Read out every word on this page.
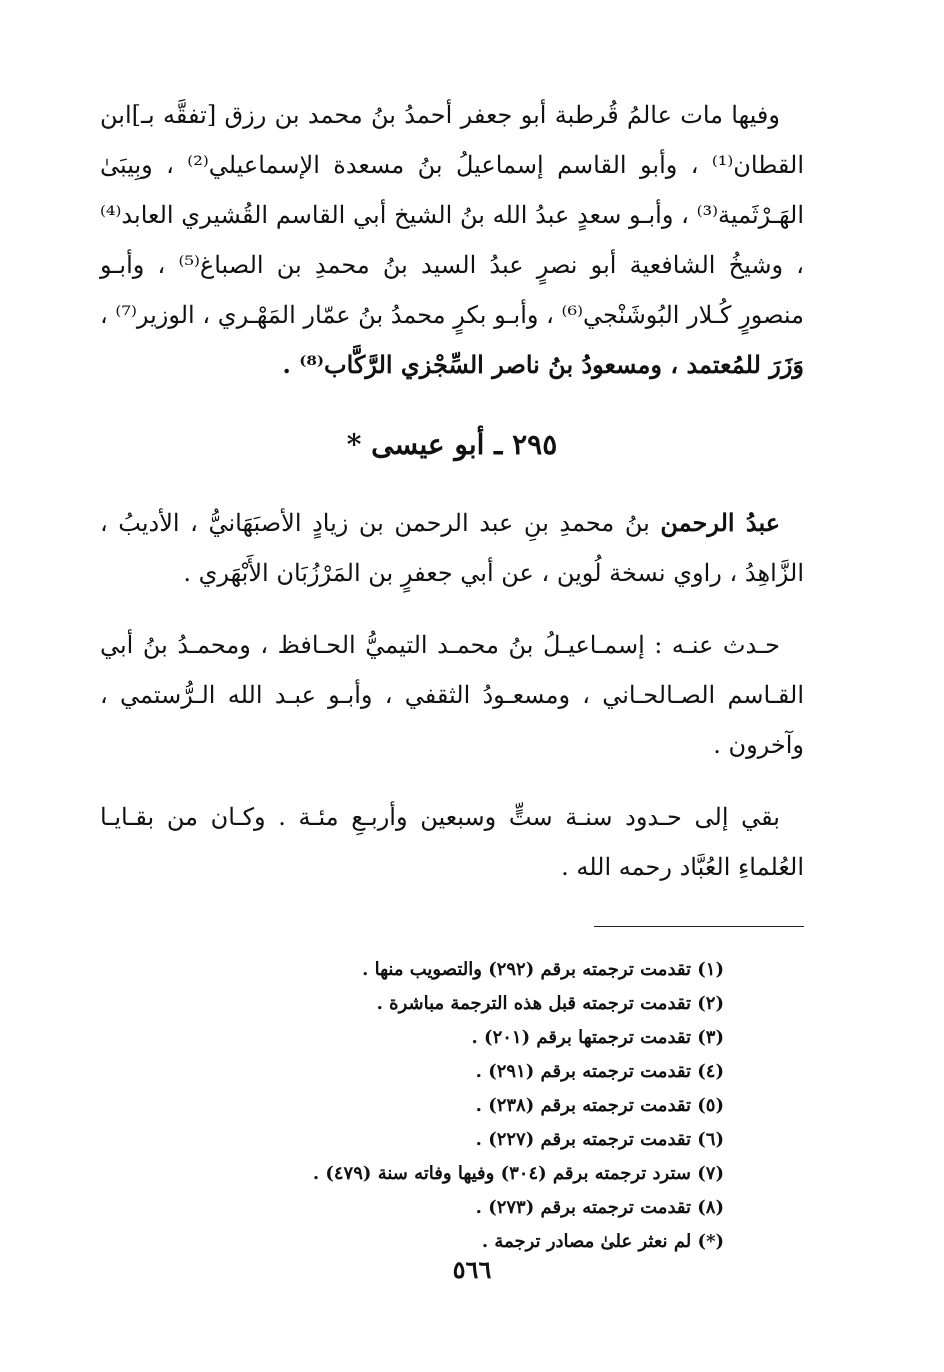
وفيها مات عالمُ قُرطبة أبو جعفر أحمدُ بنُ محمد بن رزق [تفقَّه بـ]ابن القطان⁽¹⁾ ، وأبو القاسم إسماعيلُ بنُ مسعدة الإسماعيلي⁽²⁾ ، وبِيبَىٰ الهَـرْثَمية⁽³⁾ ، وأبـو سعدٍ عبدُ الله بنُ الشيخ أبي القاسم القُشيري العابد⁽⁴⁾ ، وشيخُ الشافعية أبو نصرٍ عبدُ السيد بنُ محمدِ بن الصباغ⁽⁵⁾ ، وأبـو منصورٍ كُـلار البُوشَنْجي⁽⁶⁾ ، وأبـو بكرٍ محمدُ بنُ عمّار المَهْـري ، الوزير⁽⁷⁾ ، وَزَرَ للمُعتمد ، ومسعودُ بنُ ناصر السِّجْزي الرَّكَّاب⁽⁸⁾ .

٢٩٥ ـ أبو عيسى *

عبدُ الرحمن بنُ محمدِ بنِ عبد الرحمن بن زيادٍ الأصبَهَانيُّ ، الأديبُ ، الزَّاهِدُ ، راوي نسخة لُوين ، عن أبي جعفرٍ بن المَرْزُبَان الأَبْهَري .

حـدث عنـه : إسمـاعيـلُ بنُ محمـد التيميُّ الحـافظ ، ومحمـدُ بنُ أبي القـاسم الصـالحـاني ، ومسعـودُ الثقفي ، وأبـو عبـد الله الـرُّستمي ، وآخرون .

بقي إلى حـدود سنـة ستٍّ وسبعين وأربـعِ مئـة . وكـان من بقـايـا العُلماءِ العُبَّاد رحمه الله .

(١) تقدمت ترجمته برقم (٢٩٢) والتصويب منها .
(٢) تقدمت ترجمته قبل هذه الترجمة مباشرة .
(٣) تقدمت ترجمتها برقم (٢٠١) .
(٤) تقدمت ترجمته برقم (٢٩١) .
(٥) تقدمت ترجمته برقم (٢٣٨) .
(٦) تقدمت ترجمته برقم (٢٢٧) .
(٧) سترد ترجمته برقم (٣٠٤) وفيها وفاته سنة (٤٧٩) .
(٨) تقدمت ترجمته برقم (٢٧٣) .
(*) لم نعثر علىٰ مصادر ترجمة .
٥٦٦
